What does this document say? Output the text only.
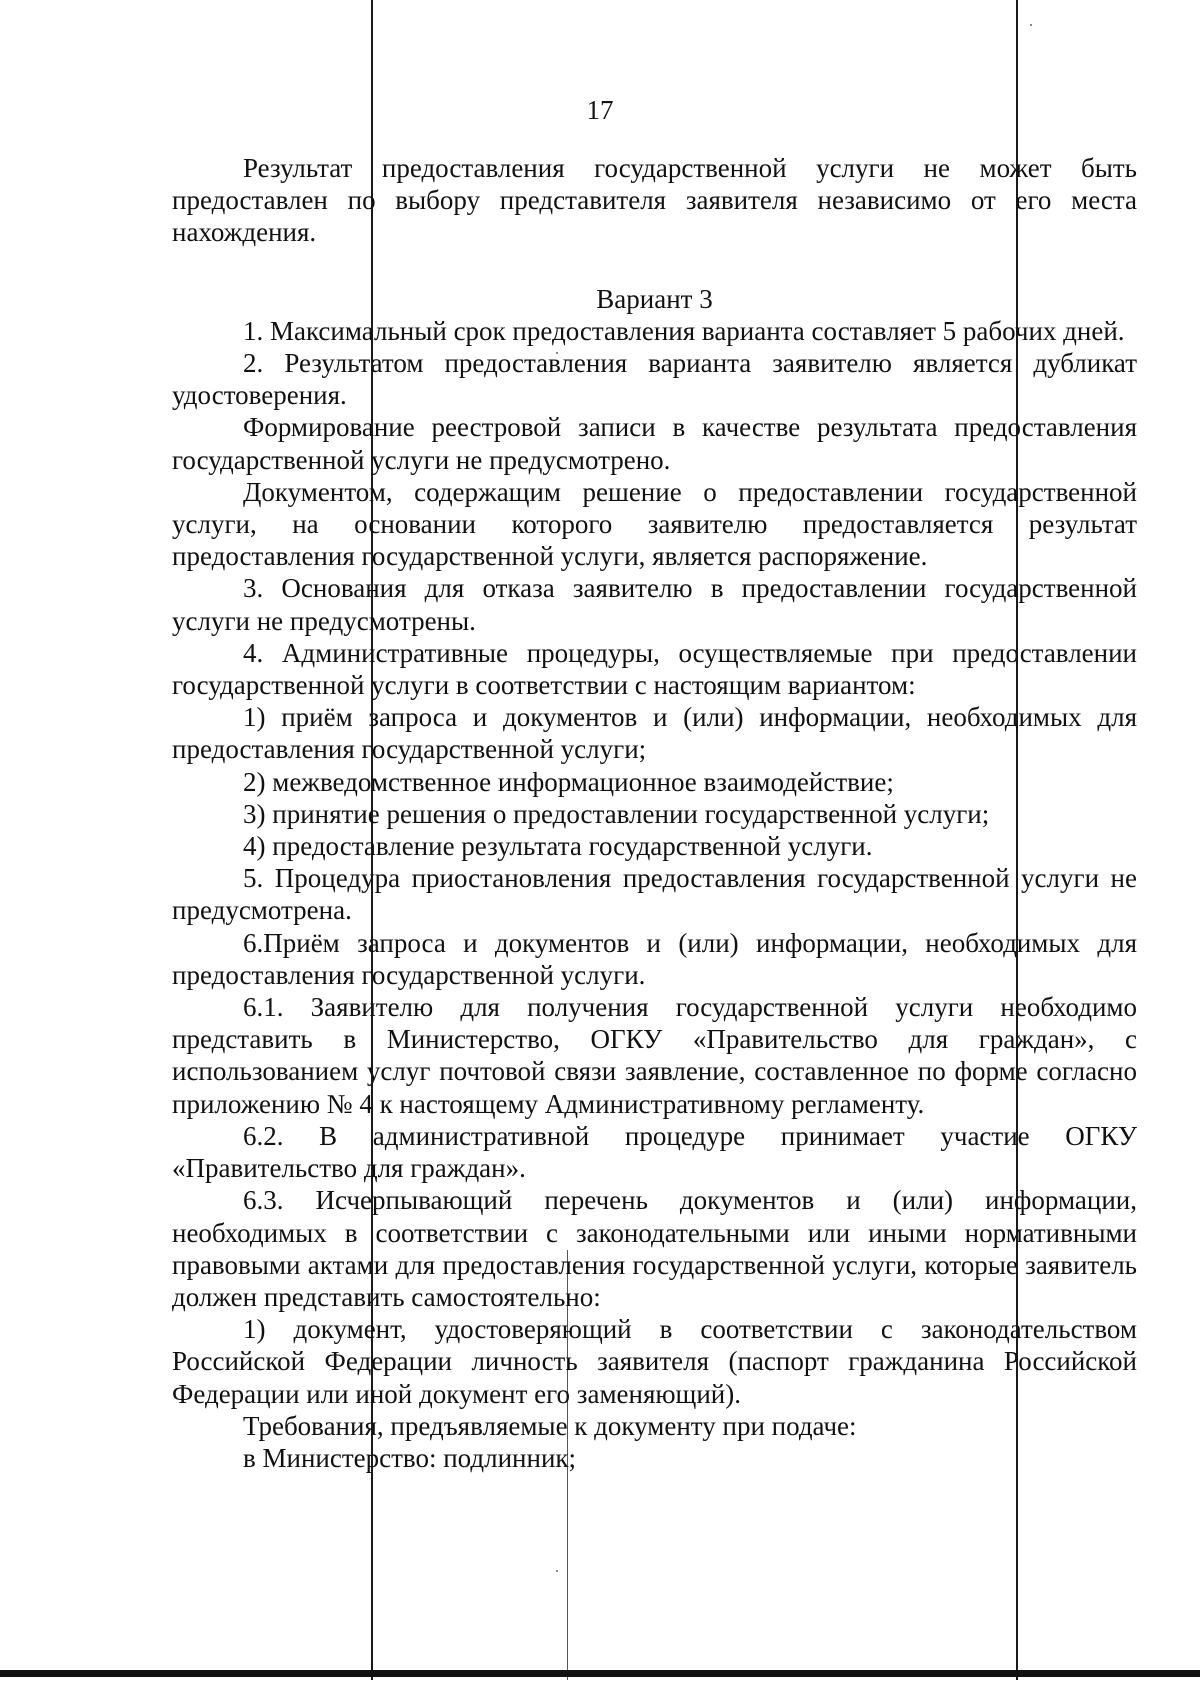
17

Результат предоставления государственной услуги не может быть предоставлен по выбору представителя заявителя независимо от его места нахождения.

Вариант 3

1. Максимальный срок предоставления варианта составляет 5 рабочих дней.

2. Результатом предоставления варианта заявителю является дубликат удостоверения.

Формирование реестровой записи в качестве результата предоставления государственной услуги не предусмотрено.

Документом, содержащим решение о предоставлении государственной услуги, на основании которого заявителю предоставляется результат предоставления государственной услуги, является распоряжение.

3. Основания для отказа заявителю в предоставлении государственной услуги не предусмотрены.

4. Административные процедуры, осуществляемые при предоставлении государственной услуги в соответствии с настоящим вариантом:

1) приём запроса и документов и (или) информации, необходимых для предоставления государственной услуги;

2) межведомственное информационное взаимодействие;

3) принятие решения о предоставлении государственной услуги;

4) предоставление результата государственной услуги.

5. Процедура приостановления предоставления государственной услуги не предусмотрена.

6.Приём запроса и документов и (или) информации, необходимых для предоставления государственной услуги.

6.1. Заявителю для получения государственной услуги необходимо представить в Министерство, ОГКУ «Правительство для граждан», с использованием услуг почтовой связи заявление, составленное по форме согласно приложению № 4 к настоящему Административному регламенту.

6.2. В административной процедуре принимает участие ОГКУ «Правительство для граждан».

6.3. Исчерпывающий перечень документов и (или) информации, необходимых в соответствии с законодательными или иными нормативными правовыми актами для предоставления государственной услуги, которые заявитель должен представить самостоятельно:

1) документ, удостоверяющий в соответствии с законодательством Российской Федерации личность заявителя (паспорт гражданина Российской Федерации или иной документ его заменяющий).

Требования, предъявляемые к документу при подаче:

в Министерство: подлинник;
